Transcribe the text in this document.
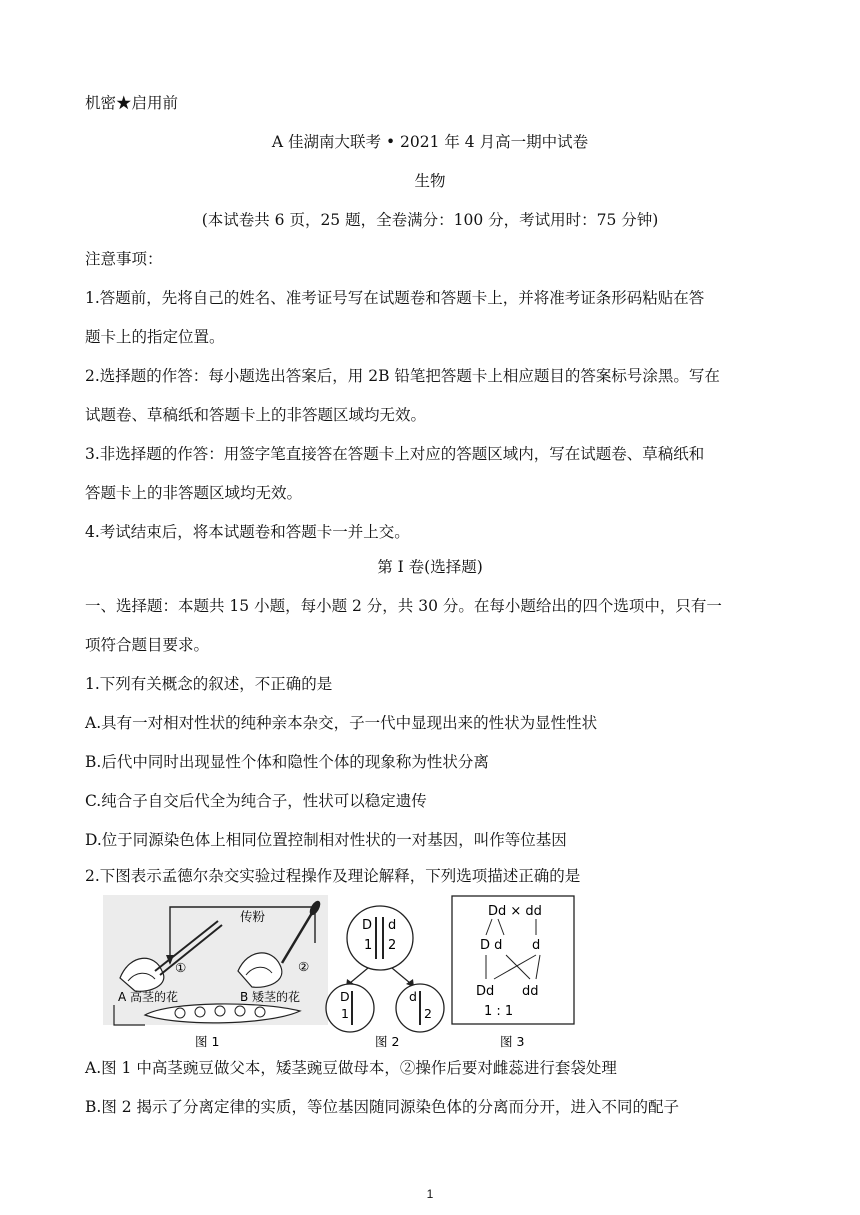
机密★启用前
A 佳湖南大联考 • 2021 年 4 月高一期中试卷
生物
(本试卷共 6 页，25 题，全卷满分：100 分，考试用时：75 分钟)
注意事项：
1.答题前，先将自己的姓名、准考证号写在试题卷和答题卡上，并将准考证条形码粘贴在答
题卡上的指定位置。
2.选择题的作答：每小题选出答案后，用 2B 铅笔把答题卡上相应题目的答案标号涂黑。写在
试题卷、草稿纸和答题卡上的非答题区域均无效。
3.非选择题的作答：用签字笔直接答在答题卡上对应的答题区域内，写在试题卷、草稿纸和
答题卡上的非答题区域均无效。
4.考试结束后，将本试题卷和答题卡一并上交。
第 I 卷(选择题)
一、选择题：本题共 15 小题，每小题 2 分，共 30 分。在每小题给出的四个选项中，只有一
项符合题目要求。
1.下列有关概念的叙述，不正确的是
A.具有一对相对性状的纯种亲本杂交，子一代中显现出来的性状为显性性状
B.后代中同时出现显性个体和隐性个体的现象称为性状分离
C.纯合子自交后代全为纯合子，性状可以稳定遗传
D.位于同源染色体上相同位置控制相对性状的一对基因，叫作等位基因
2.下图表示孟德尔杂交实验过程操作及理论解释，下列选项描述正确的是
传粉
①
A 高茎的花
②
B 矮茎的花
图 1
D d
1 2
D
1
d
2
图 2
Dd × dd
D d d
Dd dd
1 : 1
图 3
A.图 1 中高茎豌豆做父本，矮茎豌豆做母本，②操作后要对雌蕊进行套袋处理
B.图 2 揭示了分离定律的实质，等位基因随同源染色体的分离而分开，进入不同的配子
1
